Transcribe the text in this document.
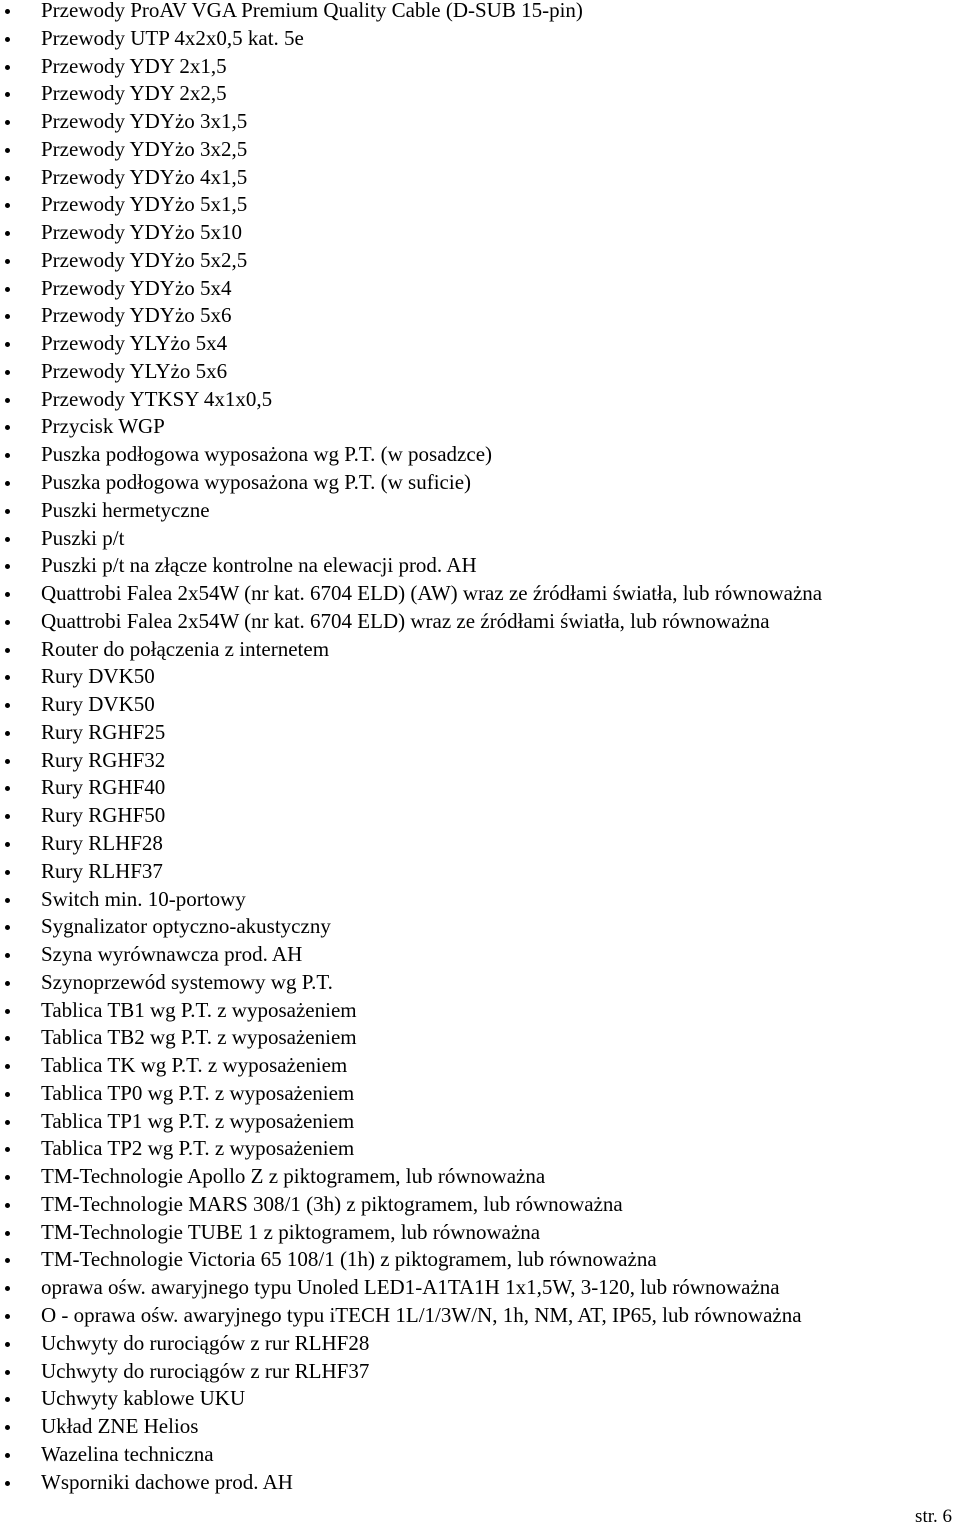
Przewody ProAV VGA Premium Quality Cable (D-SUB 15-pin)
Przewody UTP 4x2x0,5 kat. 5e
Przewody YDY 2x1,5
Przewody YDY 2x2,5
Przewody YDYżo 3x1,5
Przewody YDYżo 3x2,5
Przewody YDYżo 4x1,5
Przewody YDYżo 5x1,5
Przewody YDYżo 5x10
Przewody YDYżo 5x2,5
Przewody YDYżo 5x4
Przewody YDYżo 5x6
Przewody YLYżo 5x4
Przewody YLYżo 5x6
Przewody YTKSY 4x1x0,5
Przycisk WGP
Puszka podłogowa wyposażona wg P.T. (w posadzce)
Puszka podłogowa wyposażona wg P.T. (w suficie)
Puszki hermetyczne
Puszki p/t
Puszki p/t na złącze kontrolne na elewacji prod. AH
Quattrobi Falea 2x54W (nr kat. 6704 ELD) (AW) wraz ze źródłami światła, lub równoważna
Quattrobi Falea 2x54W (nr kat. 6704 ELD) wraz ze źródłami światła, lub równoważna
Router do połączenia z internetem
Rury DVK50
Rury DVK50
Rury RGHF25
Rury RGHF32
Rury RGHF40
Rury RGHF50
Rury RLHF28
Rury RLHF37
Switch min. 10-portowy
Sygnalizator optyczno-akustyczny
Szyna wyrównawcza prod. AH
Szynoprzewód systemowy wg P.T.
Tablica TB1 wg P.T. z wyposażeniem
Tablica TB2 wg P.T. z wyposażeniem
Tablica TK wg P.T. z wyposażeniem
Tablica TP0 wg P.T. z wyposażeniem
Tablica TP1 wg P.T. z wyposażeniem
Tablica TP2 wg P.T. z wyposażeniem
TM-Technologie Apollo Z z piktogramem, lub równoważna
TM-Technologie MARS 308/1 (3h) z piktogramem, lub równoważna
TM-Technologie TUBE 1 z piktogramem, lub równoważna
TM-Technologie Victoria 65 108/1 (1h) z piktogramem, lub równoważna
oprawa ośw. awaryjnego typu Unoled LED1-A1TA1H 1x1,5W, 3-120, lub równoważna
O - oprawa ośw. awaryjnego typu iTECH 1L/1/3W/N, 1h, NM, AT, IP65, lub równoważna
Uchwyty do rurociągów z rur RLHF28
Uchwyty do rurociągów z rur RLHF37
Uchwyty kablowe UKU
Układ ZNE Helios
Wazelina techniczna
Wsporniki dachowe prod. AH
str. 6
